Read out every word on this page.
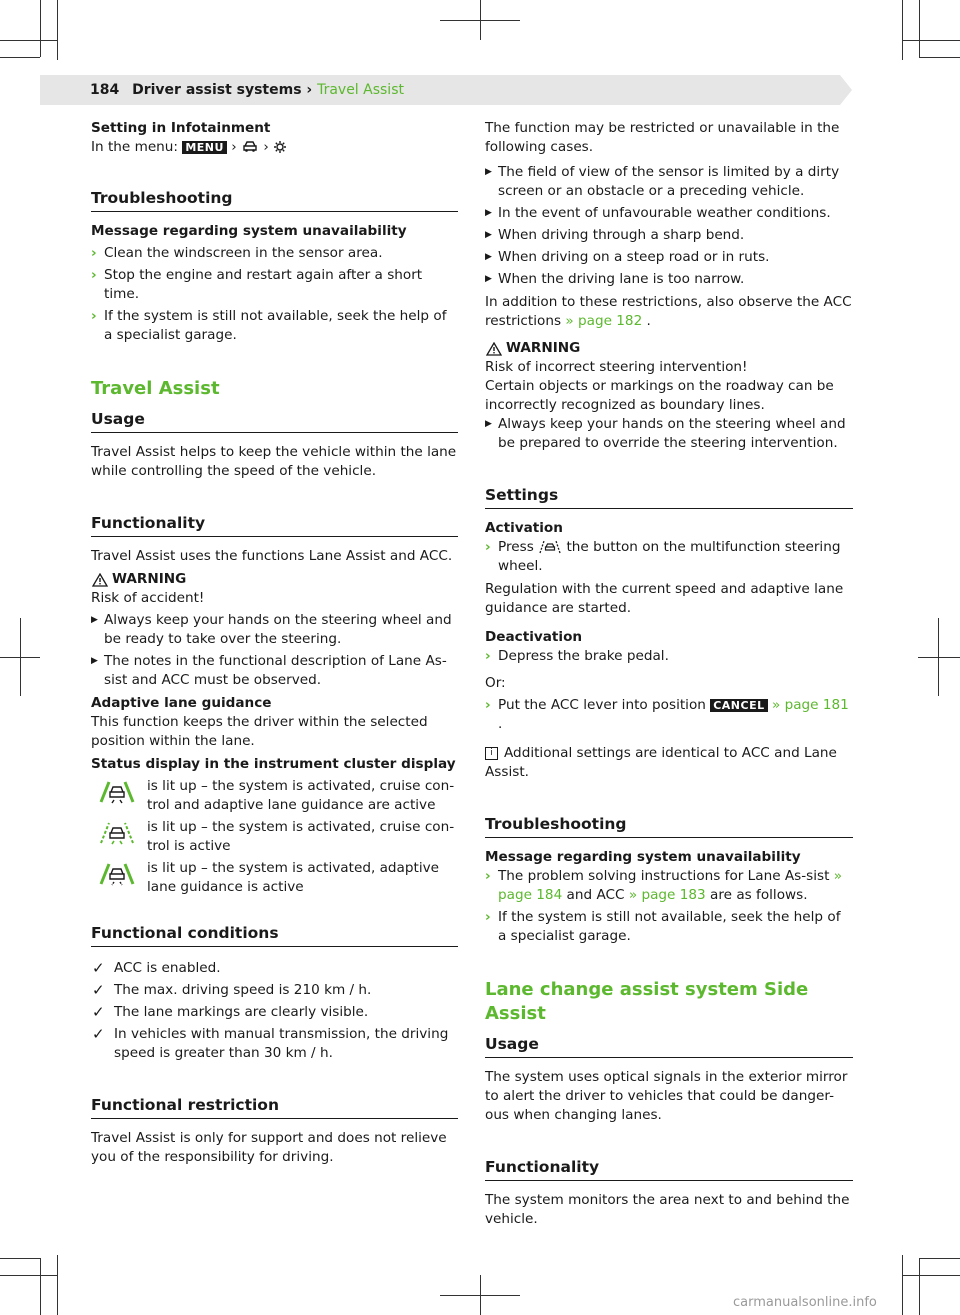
184 Driver assist systems › Travel Assist

Setting in Infotainment

In the menu: MENU › ›

Troubleshooting

Message regarding system unavailability

› Clean the windscreen in the sensor area.
› Stop the engine and restart again after a short time.
› If the system is still not available, seek the help of a specialist garage.
Travel Assist
Usage

Travel Assist helps to keep the vehicle within the lane while controlling the speed of the vehicle.

Functionality

Travel Assist uses the functions Lane Assist and ACC.

WARNING

Risk of accident!

▶ Always keep your hands on the steering wheel and be ready to take over the steering.
▶ The notes in the functional description of Lane As-sist and ACC must be observed.

Adaptive lane guidance

This function keeps the driver within the selected position within the lane.

Status display in the instrument cluster display

is lit up – the system is activated, cruise con-trol and adaptive lane guidance are active
is lit up – the system is activated, cruise con-trol is active
is lit up – the system is activated, adaptive lane guidance is active
Functional conditions
✓ ACC is enabled.
✓ The max. driving speed is 210 km / h.
✓ The lane markings are clearly visible.
✓ In vehicles with manual transmission, the driving speed is greater than 30 km / h.
Functional restriction

Travel Assist is only for support and does not relieve you of the responsibility for driving.

The function may be restricted or unavailable in the following cases.

▶ The field of view of the sensor is limited by a dirty screen or an obstacle or a preceding vehicle.
▶ In the event of unfavourable weather conditions.
▶ When driving through a sharp bend.
▶ When driving on a steep road or in ruts.
▶ When the driving lane is too narrow.

In addition to these restrictions, also observe the ACC restrictions » page 182 .

WARNING

Risk of incorrect steering intervention!

Certain objects or markings on the roadway can be incorrectly recognized as boundary lines.

▶ Always keep your hands on the steering wheel and be prepared to override the steering intervention.
Settings

Activation

› Press the button on the multifunction steering wheel.

Regulation with the current speed and adaptive lane guidance are started.

Deactivation

› Depress the brake pedal.

Or:

› Put the ACC lever into position CANCEL » page 181 .

i Additional settings are identical to ACC and Lane Assist.

Troubleshooting

Message regarding system unavailability

› The problem solving instructions for Lane As-sist » page 184 and ACC » page 183 are as follows.
› If the system is still not available, seek the help of a specialist garage.
Lane change assist system Side Assist
Usage

The system uses optical signals in the exterior mirror to alert the driver to vehicles that could be danger-ous when changing lanes.

Functionality

The system monitors the area next to and behind the vehicle.

carmanualsonline.info
